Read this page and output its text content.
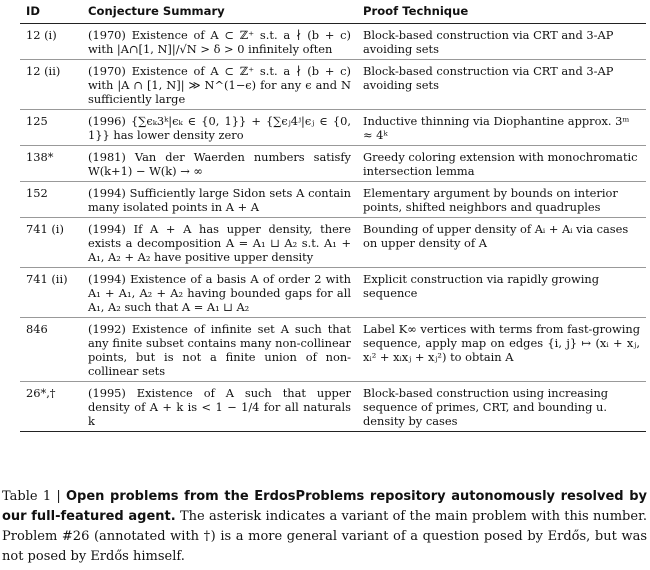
ID	Conjecture Summary	Proof Technique
12 (i)	(1970) Existence of A ⊂ ℤ⁺ s.t. a ∤ (b + c) with |A∩[1, N]|/√N > δ > 0 infinitely often	Block-based construction via CRT and 3-AP avoiding sets
12 (ii)	(1970) Existence of A ⊂ ℤ⁺ s.t. a ∤ (b + c) with |A ∩ [1, N]| ≫ N^(1−ϵ) for any ϵ and N sufficiently large	Block-based construction via CRT and 3-AP avoiding sets
125	(1996) {∑ϵₖ3ᵏ|ϵₖ ∈ {0, 1}} + {∑ϵⱼ4ʲ|ϵⱼ ∈ {0, 1}} has lower density zero	Inductive thinning via Diophantine approx. 3ᵐ ≈ 4ᵏ
138*	(1981) Van der Waerden numbers satisfy W(k+1) − W(k) → ∞	Greedy coloring extension with monochromatic intersection lemma
152	(1994) Sufficiently large Sidon sets A contain many isolated points in A + A	Elementary argument by bounds on interior points, shifted neighbors and quadruples
741 (i)	(1994) If A + A has upper density, there exists a decomposition A = A₁ ⊔ A₂ s.t. A₁ + A₁, A₂ + A₂ have positive upper density	Bounding of upper density of Aᵢ + Aᵢ via cases on upper density of A
741 (ii)	(1994) Existence of a basis A of order 2 with A₁ + A₁, A₂ + A₂ having bounded gaps for all A₁, A₂ such that A = A₁ ⊔ A₂	Explicit construction via rapidly growing sequence
846	(1992) Existence of infinite set A such that any finite subset contains many non-collinear points, but is not a finite union of non-collinear sets	Label K∞ vertices with terms from fast-growing sequence, apply map on edges {i, j} ↦ (xᵢ + xⱼ, xᵢ² + xᵢxⱼ + xⱼ²) to obtain A
26*,†	(1995) Existence of A such that upper density of A + k is < 1 − 1/4 for all naturals k	Block-based construction using increasing sequence of primes, CRT, and bounding u. density by cases
Table 1 | Open problems from the ErdosProblems repository autonomously resolved by our full-featured agent. The asterisk indicates a variant of the main problem with this number. Problem #26 (annotated with †) is a more general variant of a question posed by Erdős, but was not posed by Erdős himself.
